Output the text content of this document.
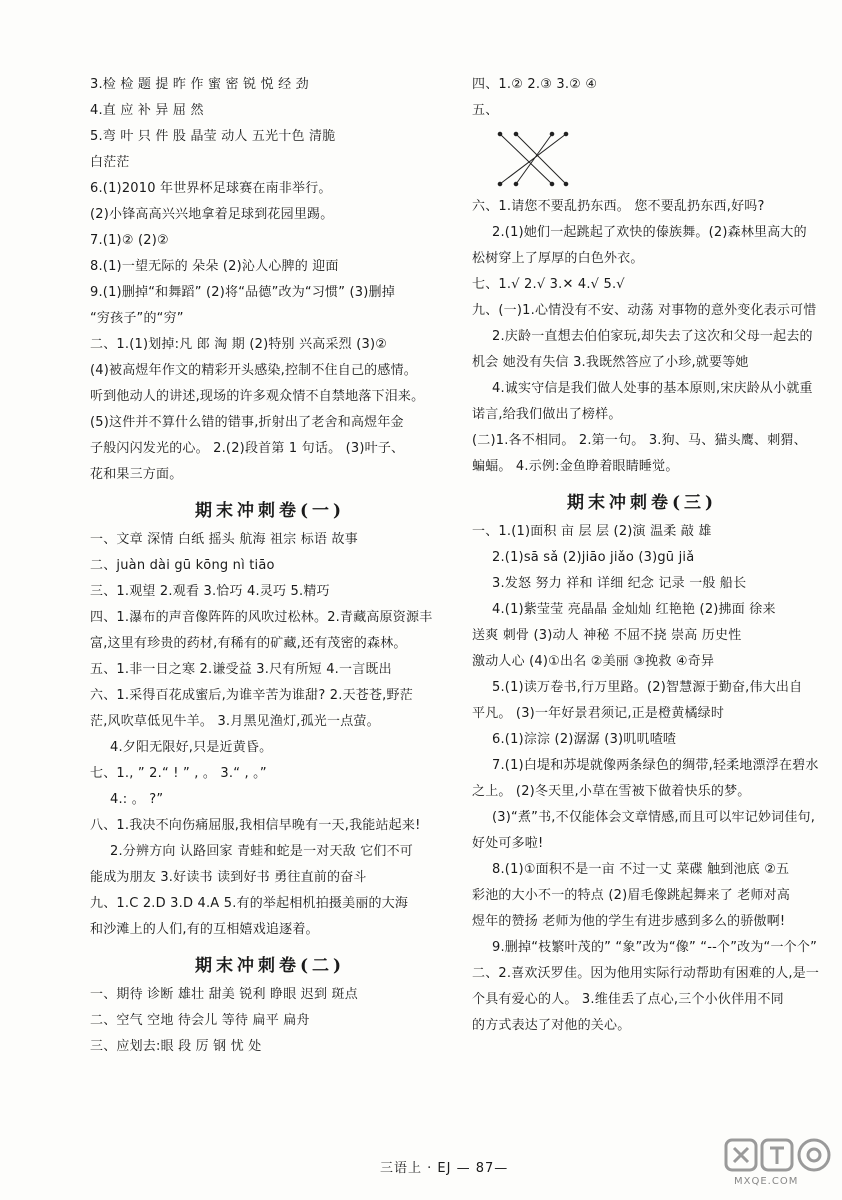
3.检 检 题 提 昨 作 蜜 密 锐 悦 经 劲
4.直 应 补 异 屈 然
5.弯 叶 只 件 股 晶莹 动人 五光十色 清脆
白茫茫
6.(1)2010 年世界杯足球赛在南非举行。
(2)小锋高高兴兴地拿着足球到花园里踢。
7.(1)② (2)②
8.(1)一望无际的 朵朵 (2)沁人心脾的 迎面
9.(1)删掉“和舞蹈” (2)将“品德”改为“习惯” (3)删掉
“穷孩子”的“穷”
二、1.(1)划掉:凡 郎 淘 期 (2)特别 兴高采烈 (3)②
(4)被高煜年作文的精彩开头感染,控制不住自己的感情。
听到他动人的讲述,现场的许多观众情不自禁地落下泪来。
(5)这件并不算什么错的错事,折射出了老舍和高煜年金
子般闪闪发光的心。 2.(2)段首第 1 句话。 (3)叶子、
花和果三方面。
期末冲刺卷(一)
一、文章 深情 白纸 摇头 航海 祖宗 标语 故事
二、juàn dài gū kōng nì tiāo
三、1.观望 2.观看 3.恰巧 4.灵巧 5.精巧
四、1.瀑布的声音像阵阵的风吹过松林。2.青藏高原资源丰
富,这里有珍贵的药材,有稀有的矿藏,还有茂密的森林。
五、1.非一日之寒 2.谦受益 3.尺有所短 4.一言既出
六、1.采得百花成蜜后,为谁辛苦为谁甜? 2.天苍苍,野茫
茫,风吹草低见牛羊。 3.月黑见渔灯,孤光一点萤。
4.夕阳无限好,只是近黄昏。
七、1., ” 2.“ ! ” , 。 3.“ , 。”
4.: 。 ?”
八、1.我决不向伤痛屈服,我相信早晚有一天,我能站起来!
2.分辨方向 认路回家 青蛙和蛇是一对天敌 它们不可
能成为朋友 3.好读书 读到好书 勇往直前的奋斗
九、1.C 2.D 3.D 4.A 5.有的举起相机拍摄美丽的大海
和沙滩上的人们,有的互相嬉戏追逐着。
期末冲刺卷(二)
一、期待 诊断 雄壮 甜美 锐利 睁眼 迟到 斑点
二、空气 空地 待会儿 等待 扁平 扁舟
三、应划去:眼 段 厉 钢 忧 处
四、1.② 2.③ 3.② ④
五、
六、1.请您不要乱扔东西。 您不要乱扔东西,好吗?
2.(1)她们一起跳起了欢快的傣族舞。(2)森林里高大的
松树穿上了厚厚的白色外衣。
七、1.√ 2.√ 3.✕ 4.√ 5.√
九、(一)1.心情没有不安、动荡 对事物的意外变化表示可惜
2.庆龄一直想去伯伯家玩,却失去了这次和父母一起去的
机会 她没有失信 3.我既然答应了小珍,就要等她
4.诚实守信是我们做人处事的基本原则,宋庆龄从小就重
诺言,给我们做出了榜样。
(二)1.各不相同。 2.第一句。 3.狗、马、猫头鹰、刺猬、
蝙蝠。 4.示例:金鱼睁着眼睛睡觉。
期末冲刺卷(三)
一、1.(1)面积 亩 层 层 (2)演 温柔 敲 雄
2.(1)sā sǎ (2)jiāo jiǎo (3)gū jiǎ
3.发怒 努力 祥和 详细 纪念 记录 一般 船长
4.(1)紫莹莹 亮晶晶 金灿灿 红艳艳 (2)拂面 徐来
送爽 刺骨 (3)动人 神秘 不屈不挠 崇高 历史性
激动人心 (4)①出名 ②美丽 ③挽救 ④奇异
5.(1)读万卷书,行万里路。(2)智慧源于勤奋,伟大出自
平凡。 (3)一年好景君须记,正是橙黄橘绿时
6.(1)淙淙 (2)潺潺 (3)叽叽喳喳
7.(1)白堤和苏堤就像两条绿色的绸带,轻柔地漂浮在碧水
之上。 (2)冬天里,小草在雪被下做着快乐的梦。
(3)“煮”书,不仅能体会文章情感,而且可以牢记妙词佳句,
好处可多啦!
8.(1)①面积不是一亩 不过一丈 菜碟 触到池底 ②五
彩池的大小不一的特点 (2)眉毛像跳起舞来了 老师对高
煜年的赞扬 老师为他的学生有进步感到多么的骄傲啊!
9.删掉“枝繁叶茂的” “象”改为“像” “--个”改为“一个个”
二、2.喜欢沃罗佳。因为他用实际行动帮助有困难的人,是一
个具有爱心的人。 3.维佳丢了点心,三个小伙伴用不同
的方式表达了对他的关心。
三语上 · EJ — 87—
MXQE.COM
